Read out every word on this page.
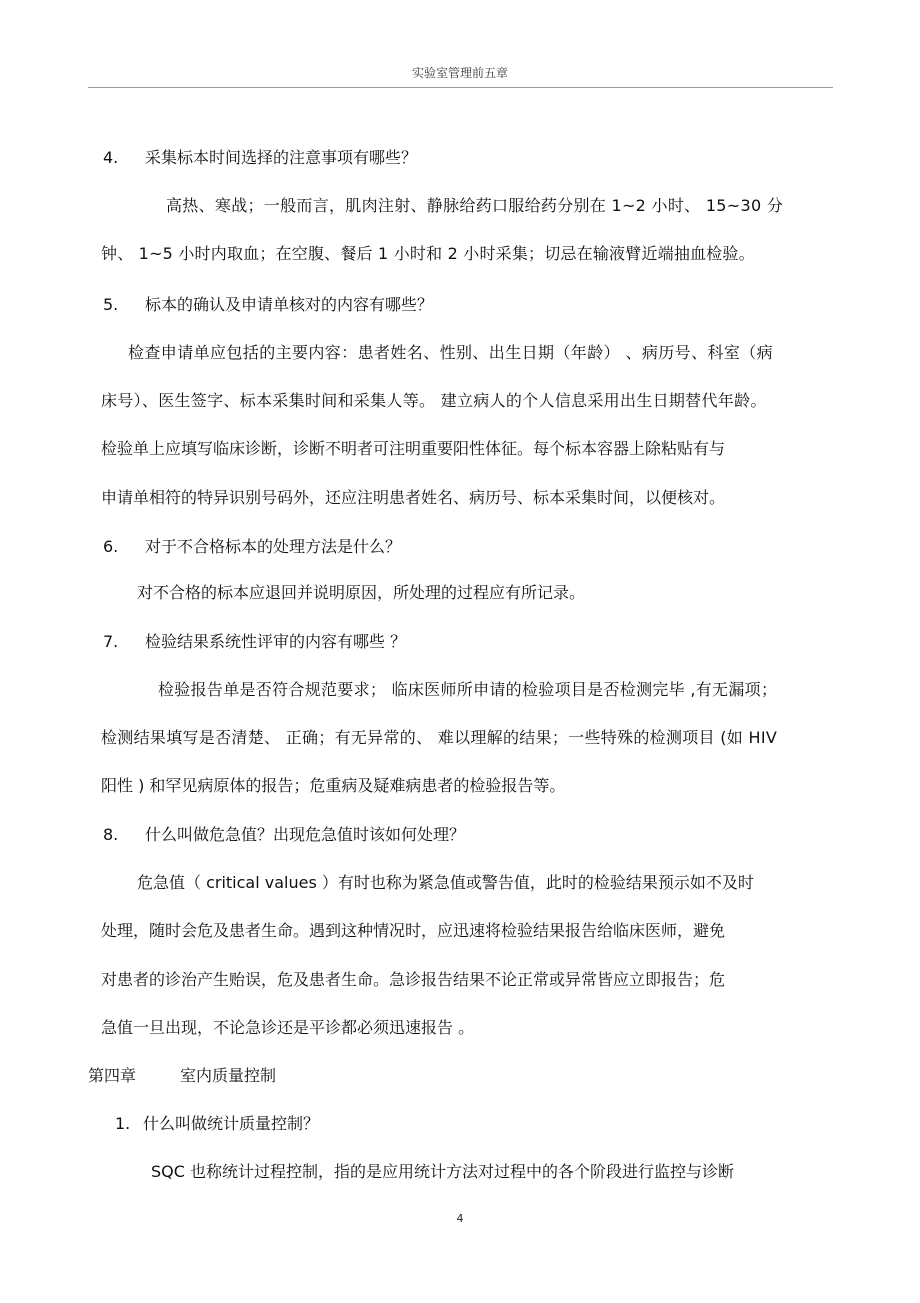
实验室管理前五章
4. 采集标本时间选择的注意事项有哪些？
高热、寒战；一般而言，肌肉注射、静脉给药口服给药分别在 1~2 小时、 15~30 分
钟、 1~5 小时内取血；在空腹、餐后 1 小时和 2 小时采集；切忌在输液臂近端抽血检验。
5. 标本的确认及申请单核对的内容有哪些？
检查申请单应包括的主要内容：患者姓名、性别、出生日期（年龄） 、病历号、科室（病
床号）、医生签字、标本采集时间和采集人等。 建立病人的个人信息采用出生日期替代年龄。
检验单上应填写临床诊断，诊断不明者可注明重要阳性体征。每个标本容器上除粘贴有与
申请单相符的特异识别号码外，还应注明患者姓名、病历号、标本采集时间，以便核对。
6. 对于不合格标本的处理方法是什么？
对不合格的标本应退回并说明原因，所处理的过程应有所记录。
7. 检验结果系统性评审的内容有哪些 ？
检验报告单是否符合规范要求； 临床医师所申请的检验项目是否检测完毕 ,有无漏项；
检测结果填写是否清楚、 正确；有无异常的、 难以理解的结果；一些特殊的检测项目 (如 HIV
阳性 ) 和罕见病原体的报告；危重病及疑难病患者的检验报告等。
8. 什么叫做危急值？出现危急值时该如何处理？
危急值（ critical values ）有时也称为紧急值或警告值，此时的检验结果预示如不及时
处理，随时会危及患者生命。遇到这种情况时，应迅速将检验结果报告给临床医师，避免
对患者的诊治产生贻误，危及患者生命。急诊报告结果不论正常或异常皆应立即报告；危
急值一旦出现，不论急诊还是平诊都必须迅速报告 。
第四章	室内质量控制
1. 什么叫做统计质量控制？
SQC 也称统计过程控制，指的是应用统计方法对过程中的各个阶段进行监控与诊断
4
